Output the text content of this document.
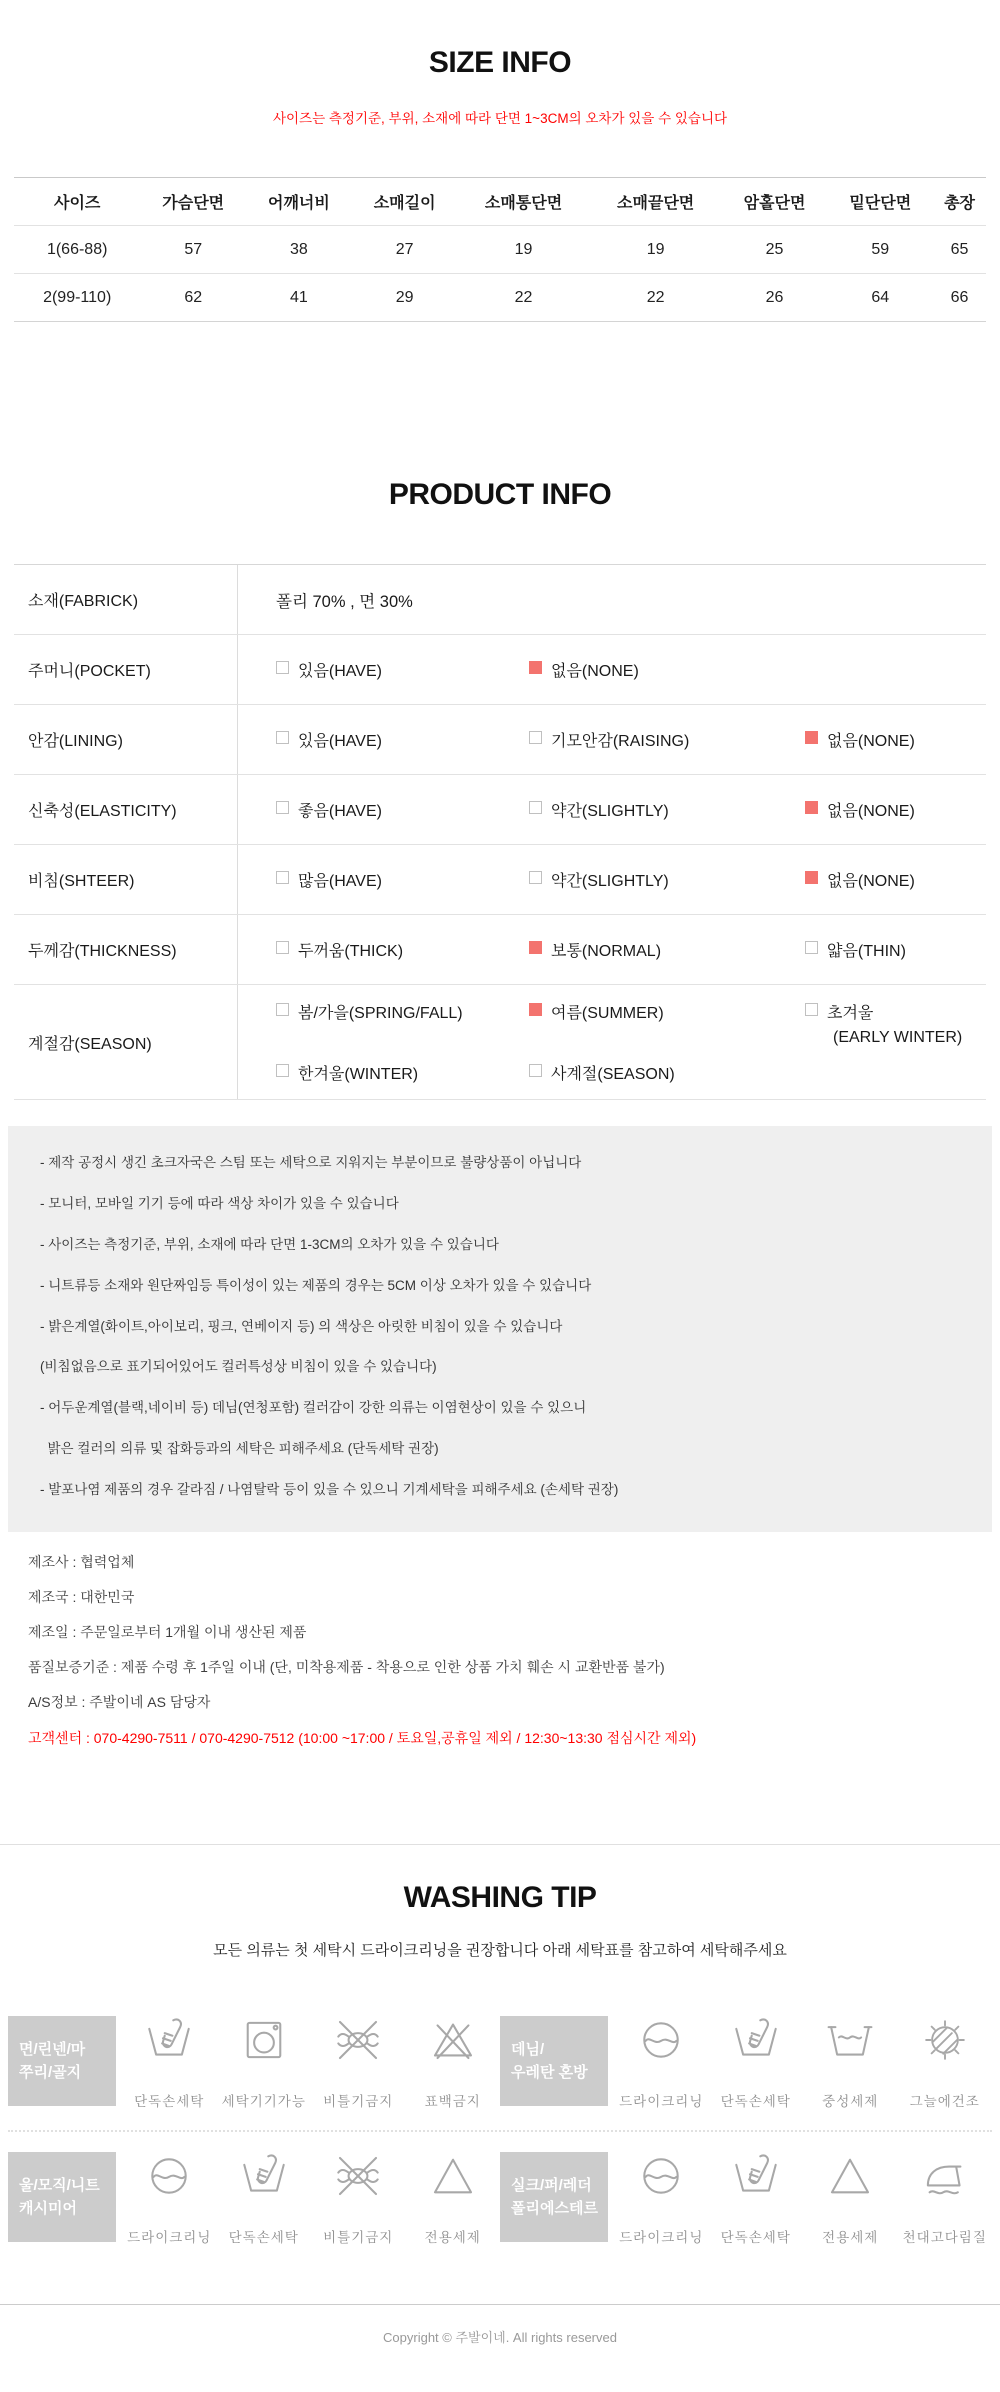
SIZE INFO
사이즈는 측정기준, 부위, 소재에 따라 단면 1~3CM의 오차가 있을 수 있습니다
사이즈	가슴단면	어깨너비	소매길이	소매통단면	소매끝단면	암홀단면	밑단단면	총장
1(66-88)	57	38	27	19	19	25	59	65
2(99-110)	62	41	29	22	22	26	64	66
PRODUCT INFO
소재(FABRICK)	폴리 70% , 면 30%
주머니(POCKET)	있음(HAVE)	없음(NONE)
안감(LINING)	있음(HAVE)	기모안감(RAISING)	없음(NONE)
신축성(ELASTICITY)	좋음(HAVE)	약간(SLIGHTLY)	없음(NONE)
비침(SHTEER)	많음(HAVE)	약간(SLIGHTLY)	없음(NONE)
두께감(THICKNESS)	두꺼움(THICK)	보통(NORMAL)	얇음(THIN)
계절감(SEASON)
봄/가을(SPRING/FALL)	여름(SUMMER)	초겨울
(EARLY WINTER)
한겨울(WINTER)	사계절(SEASON)
- 제작 공정시 생긴 초크자국은 스팀 또는 세탁으로 지워지는 부분이므로 불량상품이 아닙니다
- 모니터, 모바일 기기 등에 따라 색상 차이가 있을 수 있습니다
- 사이즈는 측정기준, 부위, 소재에 따라 단면 1-3CM의 오차가 있을 수 있습니다
- 니트류등 소재와 원단짜임등 특이성이 있는 제품의 경우는 5CM 이상 오차가 있을 수 있습니다
- 밝은계열(화이트,아이보리, 핑크, 연베이지 등) 의 색상은 아릿한 비침이 있을 수 있습니다
(비침없음으로 표기되어있어도 컬러특성상 비침이 있을 수 있습니다)
- 어두운계열(블랙,네이비 등) 데님(연청포함) 컬러감이 강한 의류는 이염현상이 있을 수 있으니
밝은 컬러의 의류 및 잡화등과의 세탁은 피해주세요 (단독세탁 권장)
- 발포나염 제품의 경우 갈라짐 / 나염탈락 등이 있을 수 있으니 기계세탁을 피해주세요 (손세탁 권장)
제조사 : 협력업체
제조국 : 대한민국
제조일 : 주문일로부터 1개월 이내 생산된 제품
품질보증기준 : 제품 수령 후 1주일 이내 (단, 미착용제품 - 착용으로 인한 상품 가치 훼손 시 교환반품 불가)
A/S정보 : 주발이네 AS 담당자
고객센터 : 070-4290-7511 / 070-4290-7512 (10:00 ~17:00 / 토요일,공휴일 제외 / 12:30~13:30 점심시간 제외)
WASHING TIP
모든 의류는 첫 세탁시 드라이크리닝을 권장합니다 아래 세탁표를 참고하여 세탁해주세요
면/린넨/마
쭈리/골지
단독손세탁 세탁기기가능 비틀기금지 표백금지
데님/
우레탄 혼방
드라이크리닝 단독손세탁 중성세제 그늘에건조
울/모직/니트
캐시미어
드라이크리닝 단독손세탁 비틀기금지 전용세제
실크/퍼/레더
폴리에스테르
드라이크리닝 단독손세탁 전용세제 천대고다림질
Copyright © 주발이네. All rights reserved
